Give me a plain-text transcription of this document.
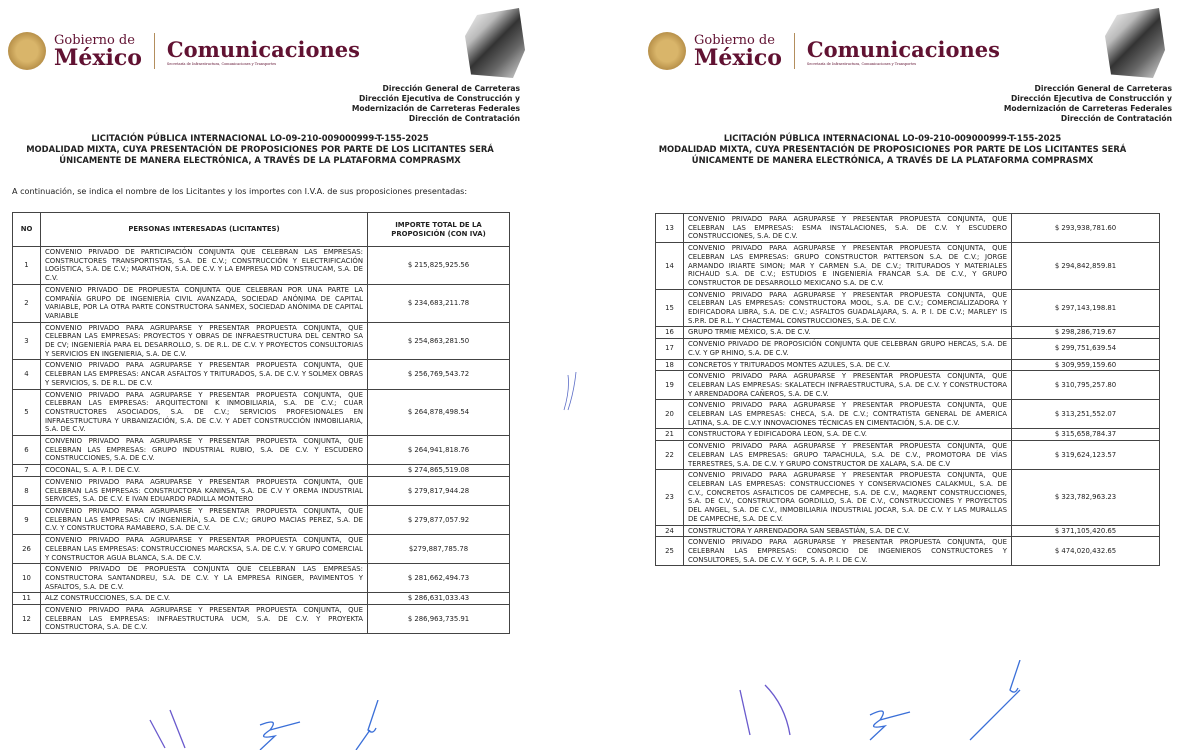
Gobierno de
México Comunicaciones
Secretaría de Infraestructura, Comunicaciones y Transportes
Dirección General de Carreteras
Dirección Ejecutiva de Construcción y
Modernización de Carreteras Federales
Dirección de Contratación
LICITACIÓN PÚBLICA INTERNACIONAL LO-09-210-009000999-T-155-2025
MODALIDAD MIXTA, CUYA PRESENTACIÓN DE PROPOSICIONES POR PARTE DE LOS LICITANTES SERÁ
ÚNICAMENTE DE MANERA ELECTRÓNICA, A TRAVÉS DE LA PLATAFORMA COMPRASMX
A continuación, se indica el nombre de los Licitantes y los importes con I.V.A. de sus proposiciones presentadas:
NO	PERSONAS INTERESADAS (LICITANTES)	IMPORTE TOTAL DE LA PROPOSICIÓN (CON IVA)
1	CONVENIO PRIVADO DE PARTICIPACIÓN CONJUNTA QUE CELEBRAN LAS EMPRESAS: CONSTRUCTORES TRANSPORTISTAS, S.A. DE C.V.; CONSTRUCCIÓN Y ELECTRIFICACIÓN LOGÍSTICA, S.A. DE C.V.; MARATHON, S.A. DE C.V. Y LA EMPRESA MD CONSTRUCAM, S.A. DE C.V.	$ 215,825,925.56
2	CONVENIO PRIVADO DE PROPUESTA CONJUNTA QUE CELEBRAN POR UNA PARTE LA COMPAÑÍA GRUPO DE INGENIERÍA CIVIL AVANZADA, SOCIEDAD ANÓNIMA DE CAPITAL VARIABLE, POR LA OTRA PARTE CONSTRUCTORA SANMEX, SOCIEDAD ANÓNIMA DE CAPITAL VARIABLE	$ 234,683,211.78
3	CONVENIO PRIVADO PARA AGRUPARSE Y PRESENTAR PROPUESTA CONJUNTA, QUE CELEBRAN LAS EMPRESAS: PROYECTOS Y OBRAS DE INFRAESTRUCTURA DEL CENTRO SA DE CV; INGENIERÍA PARA EL DESARROLLO, S. DE R.L. DE C.V. Y PROYECTOS CONSULTORIAS Y SERVICIOS EN INGENIERIA, S.A. DE C.V.	$ 254,863,281.50
4	CONVENIO PRIVADO PARA AGRUPARSE Y PRESENTAR PROPUESTA CONJUNTA, QUE CELEBRAN LAS EMPRESAS: ANCAR ASFALTOS Y TRITURADOS, S.A. DE C.V. Y SOLMEX OBRAS Y SERVICIOS, S. DE R.L. DE C.V.	$ 256,769,543.72
5	CONVENIO PRIVADO PARA AGRUPARSE Y PRESENTAR PROPUESTA CONJUNTA, QUE CELEBRAN LAS EMPRESAS: ARQUITECTONI K INMOBILIARIA, S.A. DE C.V.; CUAR CONSTRUCTORES ASOCIADOS, S.A. DE C.V.; SERVICIOS PROFESIONALES EN INFRAESTRUCTURA Y URBANIZACIÓN, S.A. DE C.V. Y ADET CONSTRUCCIÓN INMOBILIARIA, S.A. DE C.V.	$ 264,878,498.54
6	CONVENIO PRIVADO PARA AGRUPARSE Y PRESENTAR PROPUESTA CONJUNTA, QUE CELEBRAN LAS EMPRESAS: GRUPO INDUSTRIAL RUBIO, S.A. DE C.V. Y ESCUDERO CONSTRUCCIONES, S.A. DE C.V.	$ 264,941,818.76
7	COCONAL, S. A. P. I. DE C.V.	$ 274,865,519.08
8	CONVENIO PRIVADO PARA AGRUPARSE Y PRESENTAR PROPUESTA CONJUNTA, QUE CELEBRAN LAS EMPRESAS: CONSTRUCTORA KANINSA, S.A. DE C.V Y OREMA INDUSTRIAL SERVICES, S.A. DE C.V. E IVAN EDUARDO PADILLA MONTERO	$ 279,817,944.28
9	CONVENIO PRIVADO PARA AGRUPARSE Y PRESENTAR PROPUESTA CONJUNTA, QUE CELEBRAN LAS EMPRESAS: CIV INGENIERÍA, S.A. DE C.V.; GRUPO MACIAS PEREZ, S.A. DE C.V. Y CONSTRUCTORA RAMABERO, S.A. DE C.V.	$ 279,877,057.92
26	CONVENIO PRIVADO PARA AGRUPARSE Y PRESENTAR PROPUESTA CONJUNTA, QUE CELEBRAN LAS EMPRESAS: CONSTRUCCIONES MARCKSA, S.A. DE C.V. Y GRUPO COMERCIAL Y CONSTRUCTOR AGUA BLANCA, S.A. DE C.V.	$279,887,785.78
10	CONVENIO PRIVADO DE PROPUESTA CONJUNTA QUE CELEBRAN LAS EMPRESAS: CONSTRUCTORA SANTANDREU, S.A. DE C.V. Y LA EMPRESA RINGER, PAVIMENTOS Y ASFALTOS, S.A. DE C.V.	$ 281,662,494.73
11	ALZ CONSTRUCCIONES, S.A. DE C.V.	$ 286,631,033.43
12	CONVENIO PRIVADO PARA AGRUPARSE Y PRESENTAR PROPUESTA CONJUNTA, QUE CELEBRAN LAS EMPRESAS: INFRAESTRUCTURA UCM, S.A. DE C.V. Y PROYEKTA CONSTRUCTORA, S.A. DE C.V.	$ 286,963,735.91
Gobierno de
México Comunicaciones
Secretaría de Infraestructura, Comunicaciones y Transportes
Dirección General de Carreteras
Dirección Ejecutiva de Construcción y
Modernización de Carreteras Federales
Dirección de Contratación
LICITACIÓN PÚBLICA INTERNACIONAL LO-09-210-009000999-T-155-2025
MODALIDAD MIXTA, CUYA PRESENTACIÓN DE PROPOSICIONES POR PARTE DE LOS LICITANTES SERÁ
ÚNICAMENTE DE MANERA ELECTRÓNICA, A TRAVÉS DE LA PLATAFORMA COMPRASMX
13	CONVENIO PRIVADO PARA AGRUPARSE Y PRESENTAR PROPUESTA CONJUNTA, QUE CELEBRAN LAS EMPRESAS: ESMA INSTALACIONES, S.A. DE C.V. Y ESCUDERO CONSTRUCCIONES, S.A. DE C.V.	$ 293,938,781.60
14	CONVENIO PRIVADO PARA AGRUPARSE Y PRESENTAR PROPUESTA CONJUNTA, QUE CELEBRAN LAS EMPRESAS: GRUPO CONSTRUCTOR PATTERSON S.A. DE C.V.; JORGE ARMANDO IRIARTE SIMON; MAR Y CARMEN S.A. DE C.V.; TRITURADOS Y MATERIALES RICHAUD S.A. DE C.V.; ESTUDIOS E INGENIERÍA FRANCAR S.A. DE C.V., Y GRUPO CONSTRUCTOR DE DESARROLLO MEXICANO S.A. DE C.V.	$ 294,842,859.81
15	CONVENIO PRIVADO PARA AGRUPARSE Y PRESENTAR PROPUESTA CONJUNTA, QUE CELEBRAN LAS EMPRESAS: CONSTRUCTORA MOOL, S.A. DE C.V.; COMERCIALIZADORA Y EDIFICADORA LIBRA, S.A. DE C.V.; ASFALTOS GUADALAJARA, S. A. P. I. DE C.V.; MARLEY' IS S.P.R. DE R.L. Y CHACTEMAL CONSTRUCCIONES, S.A. DE C.V.	$ 297,143,198.81
16	GRUPO TRMIE MÉXICO, S.A. DE C.V.	$ 298,286,719.67
17	CONVENIO PRIVADO DE PROPOSICIÓN CONJUNTA QUE CELEBRAN GRUPO HERCAS, S.A. DE C.V. Y GP RHINO, S.A. DE C.V.	$ 299,751,639.54
18	CONCRETOS Y TRITURADOS MONTES AZULES, S.A. DE C.V.	$ 309,959,159.60
19	CONVENIO PRIVADO PARA AGRUPARSE Y PRESENTAR PROPUESTA CONJUNTA, QUE CELEBRAN LAS EMPRESAS: SKALATECH INFRAESTRUCTURA, S.A. DE C.V. Y CONSTRUCTORA Y ARRENDADORA CAÑEROS, S.A. DE C.V.	$ 310,795,257.80
20	CONVENIO PRIVADO PARA AGRUPARSE Y PRESENTAR PROPUESTA CONJUNTA, QUE CELEBRAN LAS EMPRESAS: CHECA, S.A. DE C.V.; CONTRATISTA GENERAL DE AMERICA LATINA, S.A. DE C.V.Y INNOVACIONES TÉCNICAS EN CIMENTACIÓN, S.A. DE C.V.	$ 313,251,552.07
21	CONSTRUCTORA Y EDIFICADORA LEON, S.A. DE C.V.	$ 315,658,784.37
22	CONVENIO PRIVADO PARA AGRUPARSE Y PRESENTAR PROPUESTA CONJUNTA, QUE CELEBRAN LAS EMPRESAS: GRUPO TAPACHULA, S.A. DE C.V., PROMOTORA DE VÍAS TERRESTRES, S.A. DE C.V. Y GRUPO CONSTRUCTOR DE XALAPA, S.A. DE C.V	$ 319,624,123.57
23	CONVENIO PRIVADO PARA AGRUPARSE Y PRESENTAR PROPUESTA CONJUNTA, QUE CELEBRAN LAS EMPRESAS: CONSTRUCCIONES Y CONSERVACIONES CALAKMUL, S.A. DE C.V., CONCRETOS ASFALTICOS DE CAMPECHE, S.A. DE C.V., MAQRENT CONSTRUCCIONES, S.A. DE C.V., CONSTRUCTORA GORDILLO, S.A. DE C.V., CONSTRUCCIONES Y PROYECTOS DEL ANGEL, S.A. DE C.V., INMOBILIARIA INDUSTRIAL JOCAR, S.A. DE C.V. Y LAS MURALLAS DE CAMPECHE, S.A. DE C.V.	$ 323,782,963.23
24	CONSTRUCTORA Y ARRENDADORA SAN SEBASTIÁN, S.A. DE C.V.	$ 371,105,420.65
25	CONVENIO PRIVADO PARA AGRUPARSE Y PRESENTAR PROPUESTA CONJUNTA, QUE CELEBRAN LAS EMPRESAS: CONSORCIO DE INGENIEROS CONSTRUCTORES Y CONSULTORES, S.A. DE C.V. Y GCP, S. A. P. I. DE C.V.	$ 474,020,432.65
